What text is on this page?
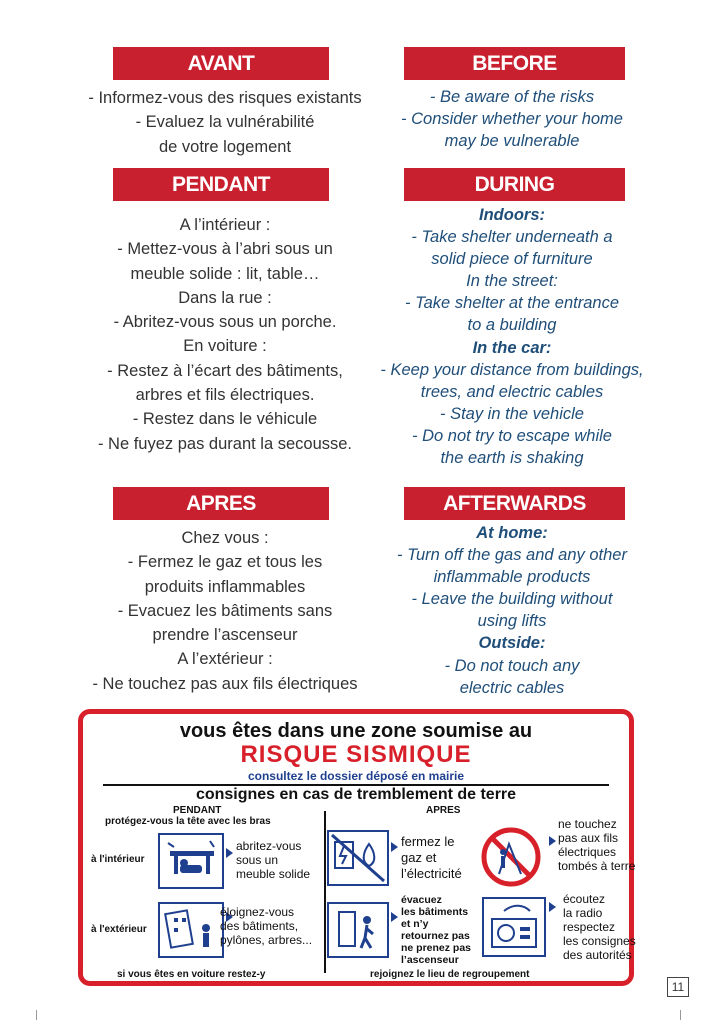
AVANT	BEFORE
- Informez-vous des risques existants
- Evaluez la vulnérabilité
de votre logement
- Be aware of the risks
- Consider whether your home
may be vulnerable
PENDANT	DURING
A l’intérieur :
- Mettez-vous à l’abri sous un
meuble solide : lit, table…
Dans la rue :
- Abritez-vous sous un porche.
En voiture :
- Restez à l’écart des bâtiments,
arbres et fils électriques.
- Restez dans le véhicule
- Ne fuyez pas durant la secousse.
Indoors:
- Take shelter underneath a
solid piece of furniture
In the street:
- Take shelter at the entrance
to a building
In the car:
- Keep your distance from buildings,
trees, and electric cables
- Stay in the vehicle
- Do not try to escape while
the earth is shaking
APRES	AFTERWARDS
Chez vous :
- Fermez le gaz et tous les
produits inflammables
- Evacuez les bâtiments sans
prendre l’ascenseur
A l’extérieur :
- Ne touchez pas aux fils électriques
At home:
- Turn off the gas and any other
inflammable products
- Leave the building without
using lifts
Outside:
- Do not touch any
electric cables
vous êtes dans une zone soumise au
RISQUE SISMIQUE
consultez le dossier déposé en mairie
consignes en cas de tremblement de terre
PENDANT
protégez-vous la tête avec les bras
APRES
à l'intérieur
abritez-vous
sous un
meuble solide
à l'extérieur
éloignez-vous
des bâtiments,
pylônes, arbres...
si vous êtes en voiture restez-y
fermez le
gaz et
l’électricité
évacuez
les bâtiments
et n’y
retournez pas
ne prenez pas
l’ascenseur
rejoignez le lieu de regroupement
ne touchez
pas aux fils
électriques
tombés à terre
écoutez
la radio
respectez
les consignes
des autorités
11
